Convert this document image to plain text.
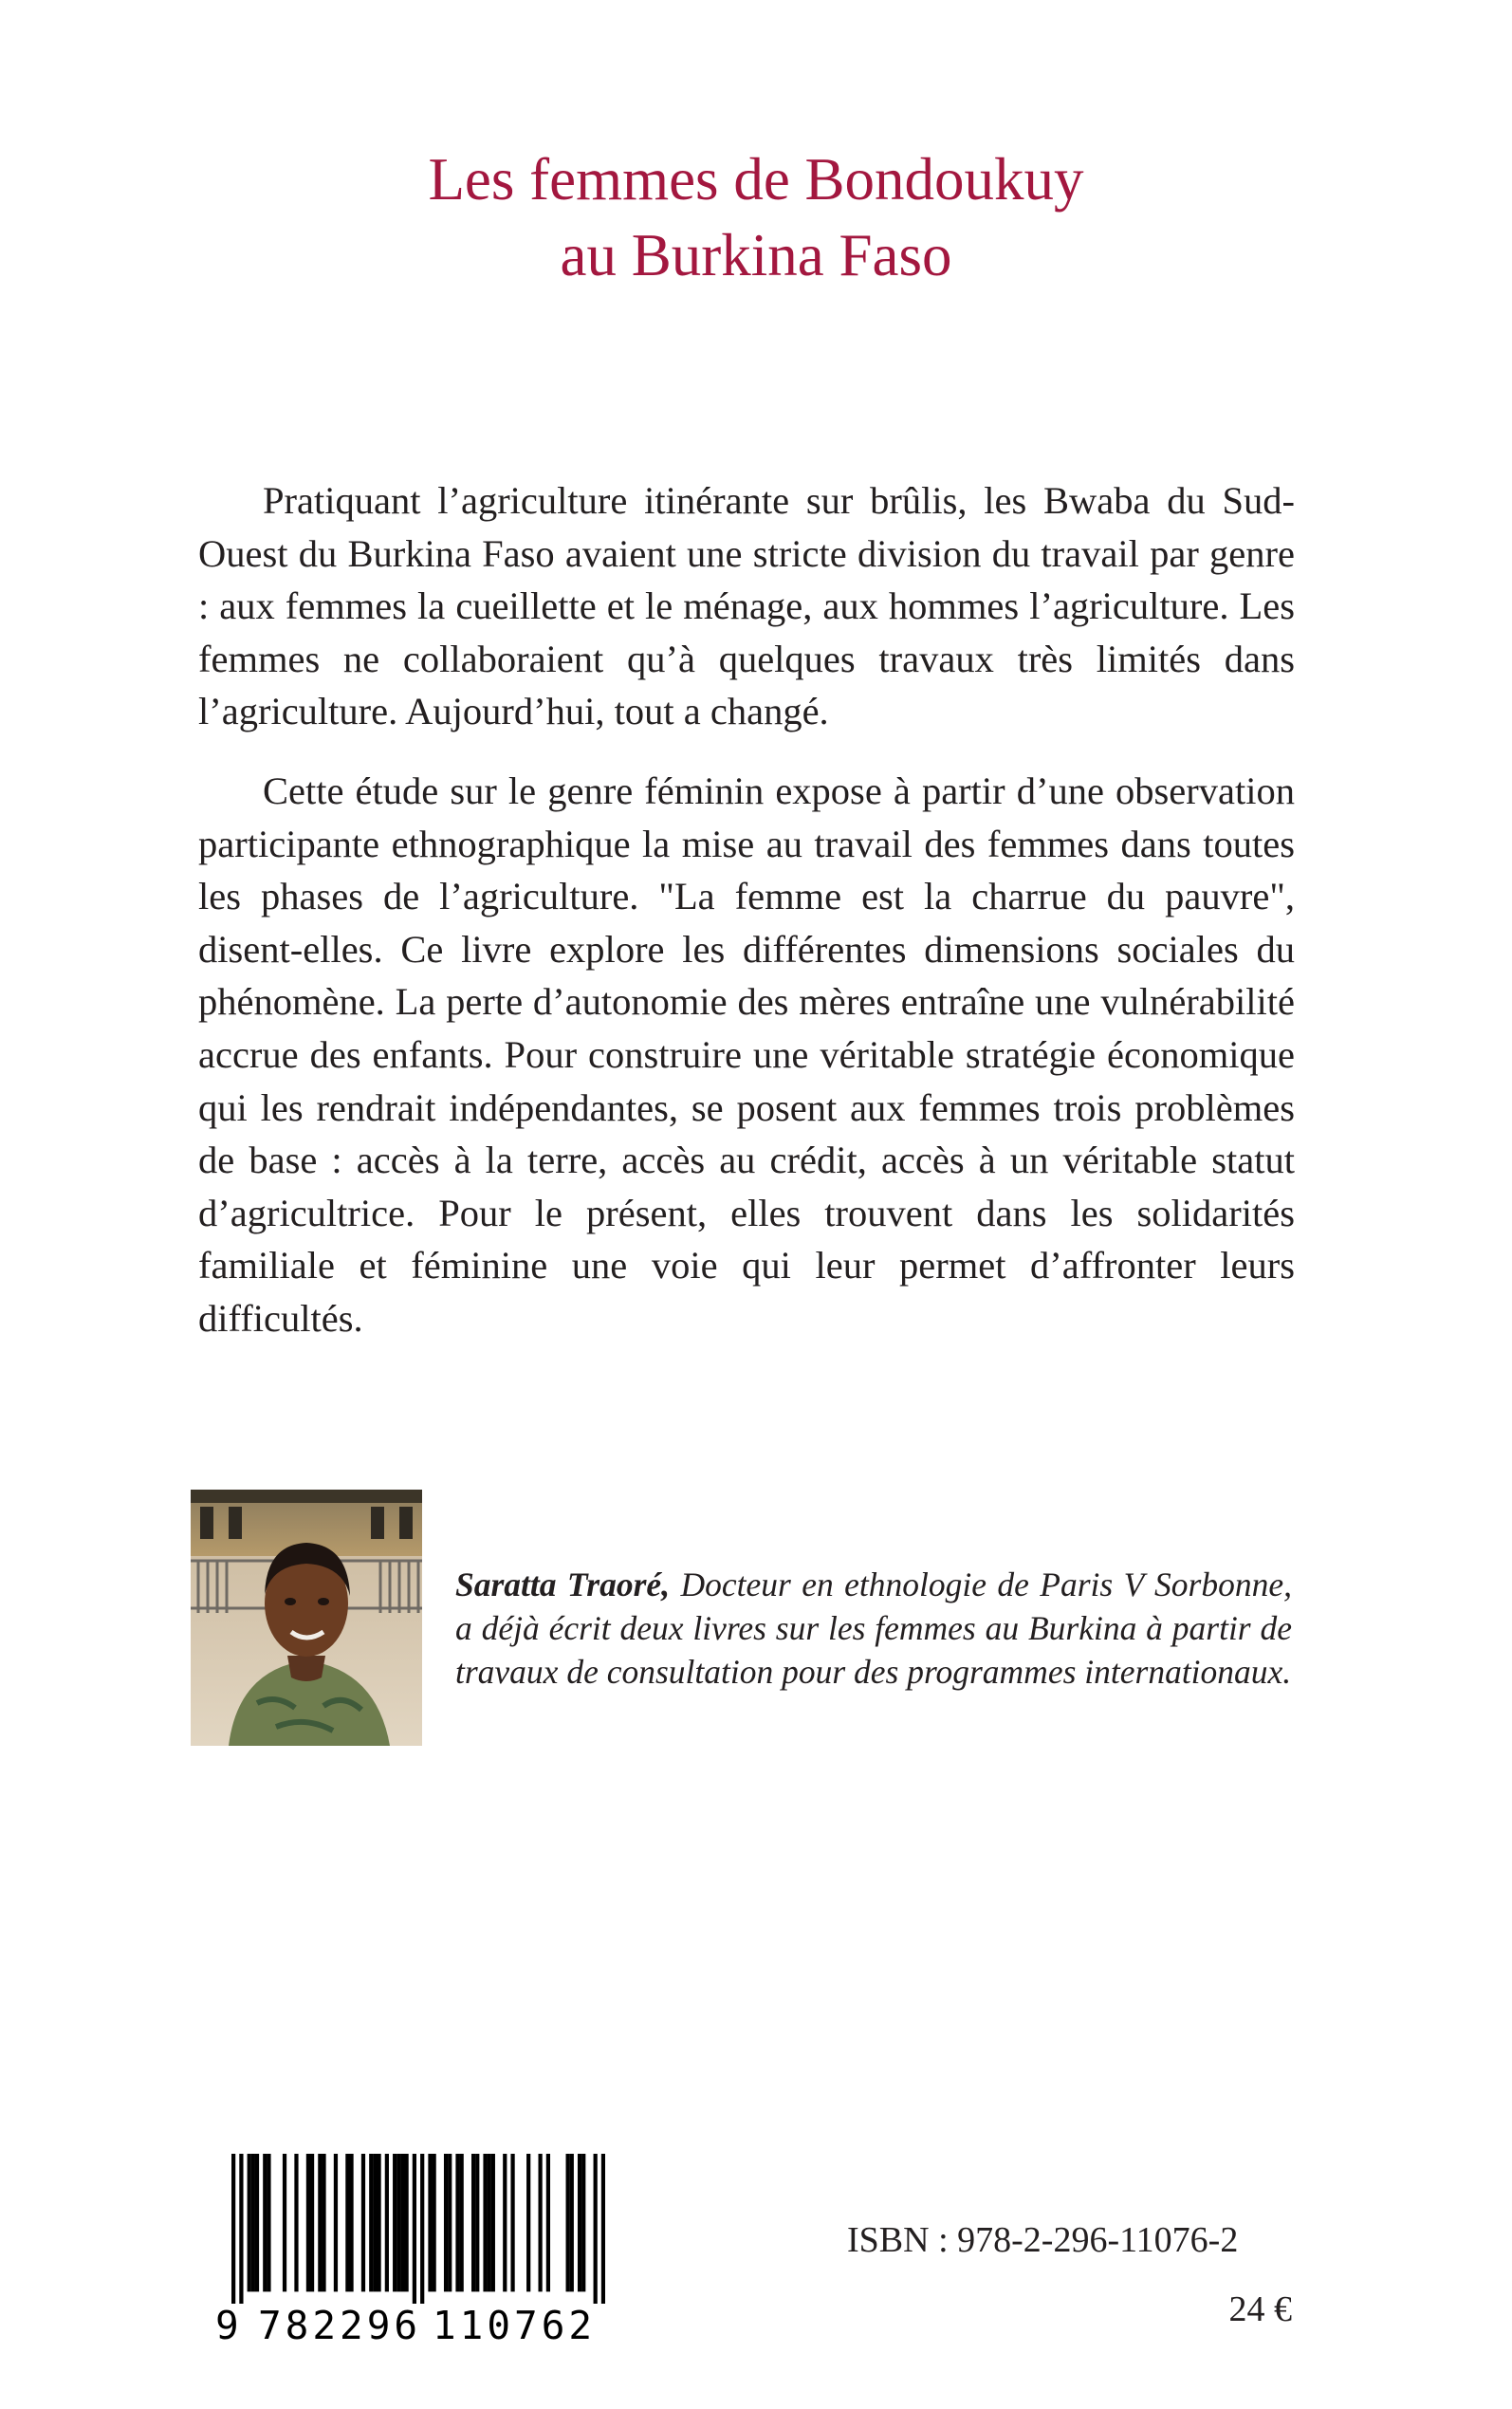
Les femmes de Bondoukuy
au Burkina Faso

Pratiquant l’agriculture itinérante sur brûlis, les Bwaba du Sud-Ouest du Burkina Faso avaient une stricte division du travail par genre : aux femmes la cueillette et le ménage, aux hommes l’agriculture. Les femmes ne collaboraient qu’à quelques travaux très limités dans l’agriculture. Aujourd’hui, tout a changé.

Cette étude sur le genre féminin expose à partir d’une observation participante ethnographique la mise au travail des femmes dans toutes les phases de l’agriculture. "La femme est la charrue du pauvre", disent-elles. Ce livre explore les différentes dimensions sociales du phénomène. La perte d’autonomie des mères entraîne une vulnérabilité accrue des enfants. Pour construire une véritable stratégie économique qui les rendrait indépendantes, se posent aux femmes trois problèmes de base : accès à la terre, accès au crédit, accès à un véritable statut d’agricultrice. Pour le présent, elles trouvent dans les solidarités familiale et féminine une voie qui leur permet d’affronter leurs difficultés.

Saratta Traoré, Docteur en ethnologie de Paris V Sorbonne, a déjà écrit deux livres sur les femmes au Burkina à partir de travaux de consultation pour des programmes internationaux.

9 782296 110762

ISBN : 978-2-296-11076-2

24 €
